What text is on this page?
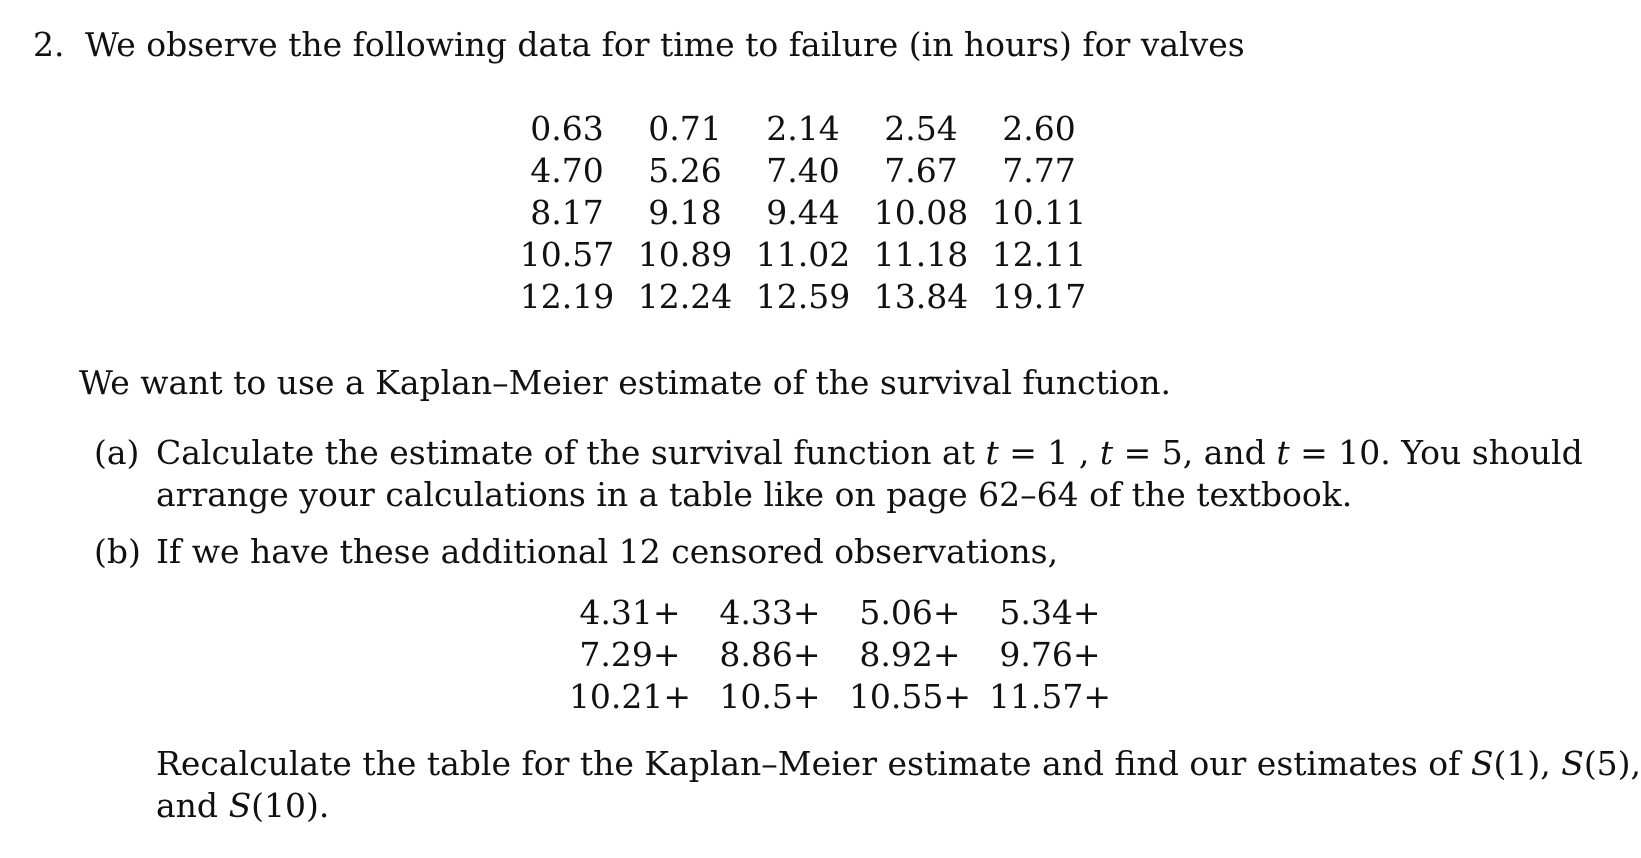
2. We observe the following data for time to failure (in hours) for valves
0.63	0.71	2.14	2.54	2.60
4.70	5.26	7.40	7.67	7.77
8.17	9.18	9.44	10.08 10.11
10.57 10.89 11.02 11.18 12.11
12.19 12.24 12.59 13.84 19.17
We want to use a Kaplan–Meier estimate of the survival function.
(a) Calculate the estimate of the survival function at t = 1 , t = 5, and t = 10. You should
arrange your calculations in a table like on page 62–64 of the textbook.
(b) If we have these additional 12 censored observations,
4.31+	4.33+	5.06+	5.34+
7.29+	8.86+	8.92+	9.76+
10.21+ 10.5+ 10.55+ 11.57+
Recalculate the table for the Kaplan–Meier estimate and find our estimates of S(1), S(5),
and S(10).
